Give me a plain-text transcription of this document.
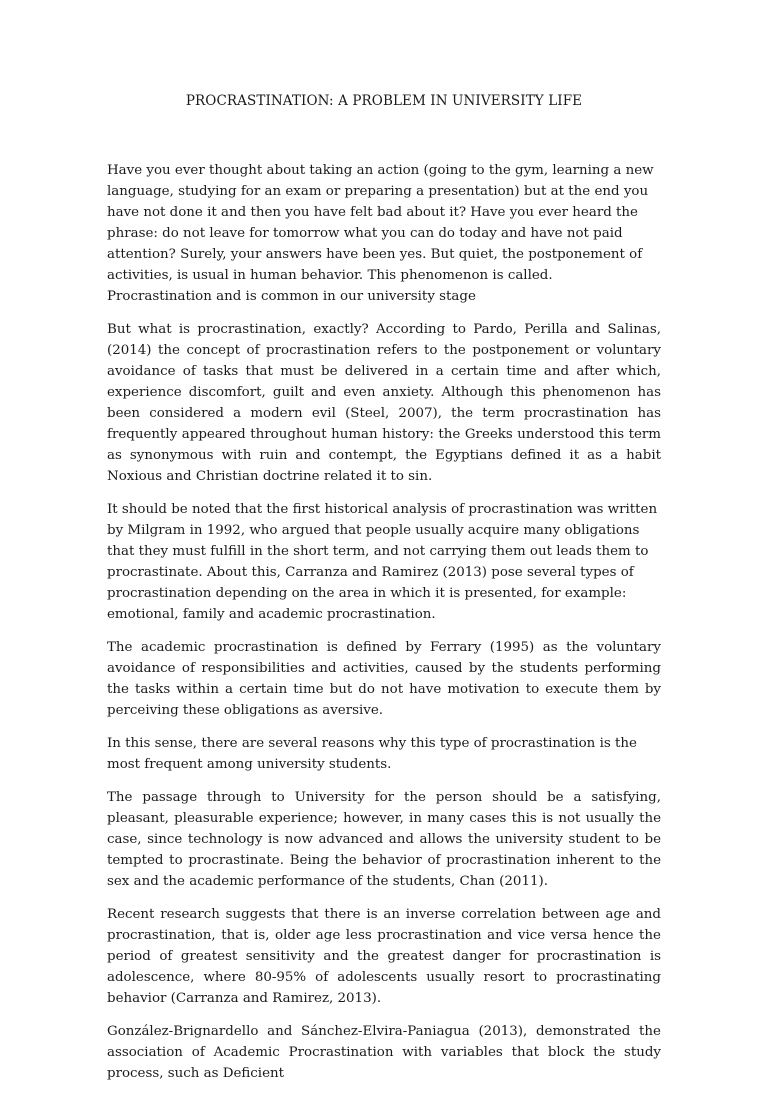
PROCRASTINATION: A PROBLEM IN UNIVERSITY LIFE

Have you ever thought about taking an action (going to the gym, learning a new language, studying for an exam or preparing a presentation) but at the end you have not done it and then you have felt bad about it? Have you ever heard the phrase: do not leave for tomorrow what you can do today and have not paid attention? Surely, your answers have been yes. But quiet, the postponement of activities, is usual in human behavior. This phenomenon is called. Procrastination and is common in our university stage

But what is procrastination, exactly? According to Pardo, Perilla and Salinas,(2014) the concept of procrastination refers to the postponement or voluntary avoidance of tasks that must be delivered in a certain time and after which, experience discomfort, guilt and even anxiety. Although this phenomenon has been considered a modern evil (Steel, 2007), the term procrastination has frequently appeared throughout human history: the Greeks understood this term as synonymous with ruin and contempt, the Egyptians defined it as a habit Noxious and Christian doctrine related it to sin.

It should be noted that the first historical analysis of procrastination was written by Milgram in 1992, who argued that people usually acquire many obligations that they must fulfill in the short term, and not carrying them out leads them to procrastinate. About this, Carranza and Ramirez (2013) pose several types of procrastination depending on the area in which it is presented, for example: emotional, family and academic procrastination.

The academic procrastination is defined by Ferrary (1995) as the voluntary avoidance of responsibilities and activities, caused by the students performing the tasks within a certain time but do not have motivation to execute them by perceiving these obligations as aversive.

In this sense, there are several reasons why this type of procrastination is the most frequent among university students.

The passage through to University for the person should be a satisfying, pleasant, pleasurable experience; however, in many cases this is not usually the case, since technology is now advanced and allows the university student to be tempted to procrastinate. Being the behavior of procrastination inherent to the sex and the academic performance of the students, Chan (2011).

Recent research suggests that there is an inverse correlation between age and procrastination, that is, older age less procrastination and vice versa hence the period of greatest sensitivity and the greatest danger for procrastination is adolescence, where 80-95% of adolescents usually resort to procrastinating behavior (Carranza and Ramirez, 2013).

González-Brignardello and Sánchez-Elvira-Paniagua (2013), demonstrated the association of Academic Procrastination with variables that block the study process, such as Deficient
